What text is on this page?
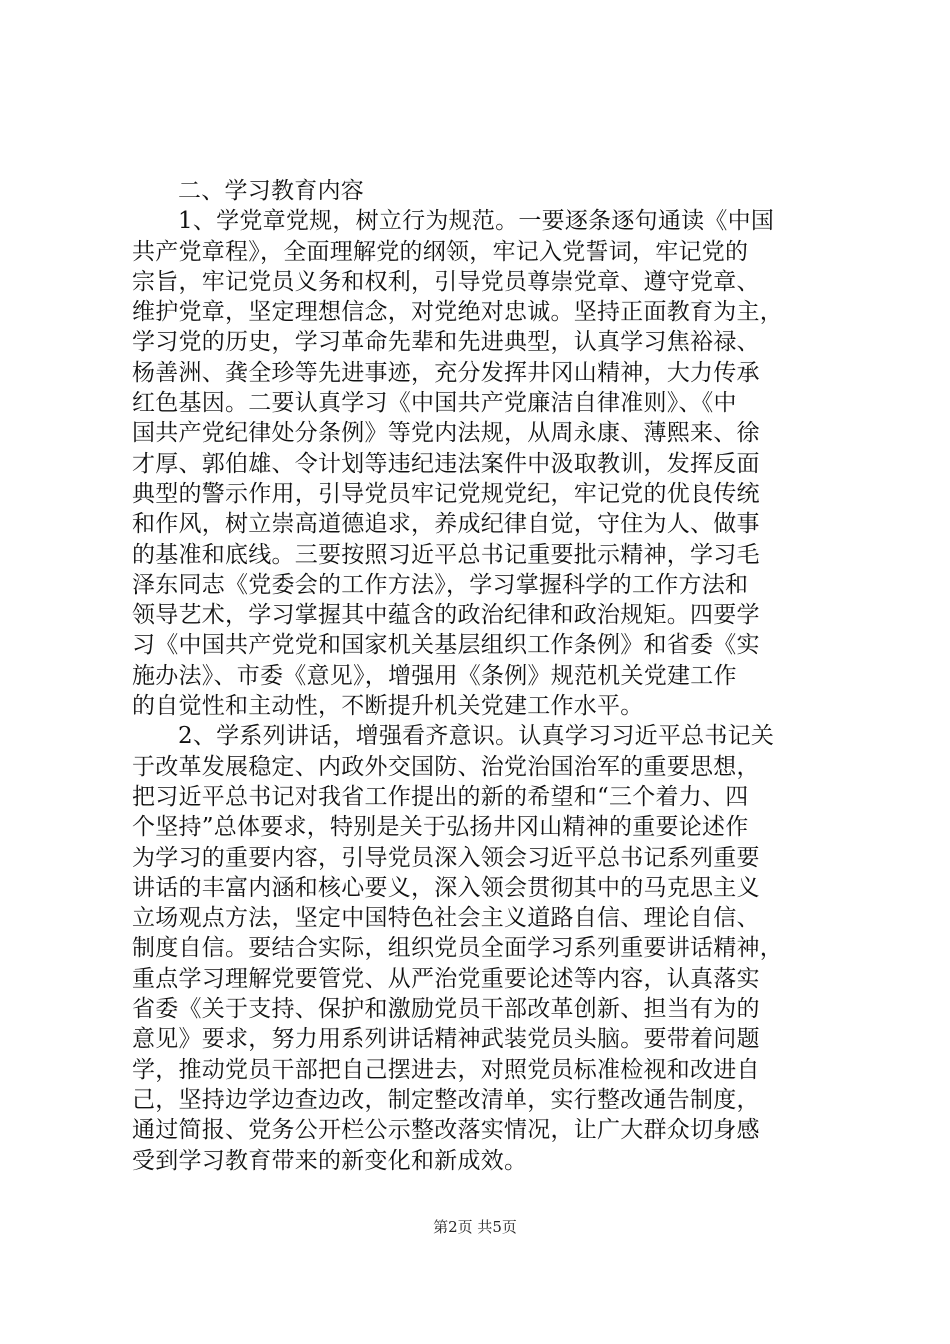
二、学习教育内容
1、学党章党规，树立行为规范。一要逐条逐句通读《中国
共产党章程》，全面理解党的纲领，牢记入党誓词，牢记党的
宗旨，牢记党员义务和权利，引导党员尊崇党章、遵守党章、
维护党章，坚定理想信念，对党绝对忠诚。坚持正面教育为主，
学习党的历史，学习革命先辈和先进典型，认真学习焦裕禄、
杨善洲、龚全珍等先进事迹，充分发挥井冈山精神，大力传承
红色基因。二要认真学习《中国共产党廉洁自律准则》、《中
国共产党纪律处分条例》等党内法规，从周永康、薄熙来、徐
才厚、郭伯雄、令计划等违纪违法案件中汲取教训，发挥反面
典型的警示作用，引导党员牢记党规党纪，牢记党的优良传统
和作风，树立崇高道德追求，养成纪律自觉，守住为人、做事
的基准和底线。三要按照习近平总书记重要批示精神，学习毛
泽东同志《党委会的工作方法》，学习掌握科学的工作方法和
领导艺术，学习掌握其中蕴含的政治纪律和政治规矩。四要学
习《中国共产党党和国家机关基层组织工作条例》和省委《实
施办法》、市委《意见》，增强用《条例》规范机关党建工作
的自觉性和主动性，不断提升机关党建工作水平。
2、学系列讲话，增强看齐意识。认真学习习近平总书记关
于改革发展稳定、内政外交国防、治党治国治军的重要思想，
把习近平总书记对我省工作提出的新的希望和“三个着力、四
个坚持”总体要求，特别是关于弘扬井冈山精神的重要论述作
为学习的重要内容，引导党员深入领会习近平总书记系列重要
讲话的丰富内涵和核心要义，深入领会贯彻其中的马克思主义
立场观点方法，坚定中国特色社会主义道路自信、理论自信、
制度自信。要结合实际，组织党员全面学习系列重要讲话精神，
重点学习理解党要管党、从严治党重要论述等内容，认真落实
省委《关于支持、保护和激励党员干部改革创新、担当有为的
意见》要求，努力用系列讲话精神武装党员头脑。要带着问题
学，推动党员干部把自己摆进去，对照党员标准检视和改进自
己，坚持边学边查边改，制定整改清单，实行整改通告制度，
通过简报、党务公开栏公示整改落实情况，让广大群众切身感
受到学习教育带来的新变化和新成效。
第2页 共5页
